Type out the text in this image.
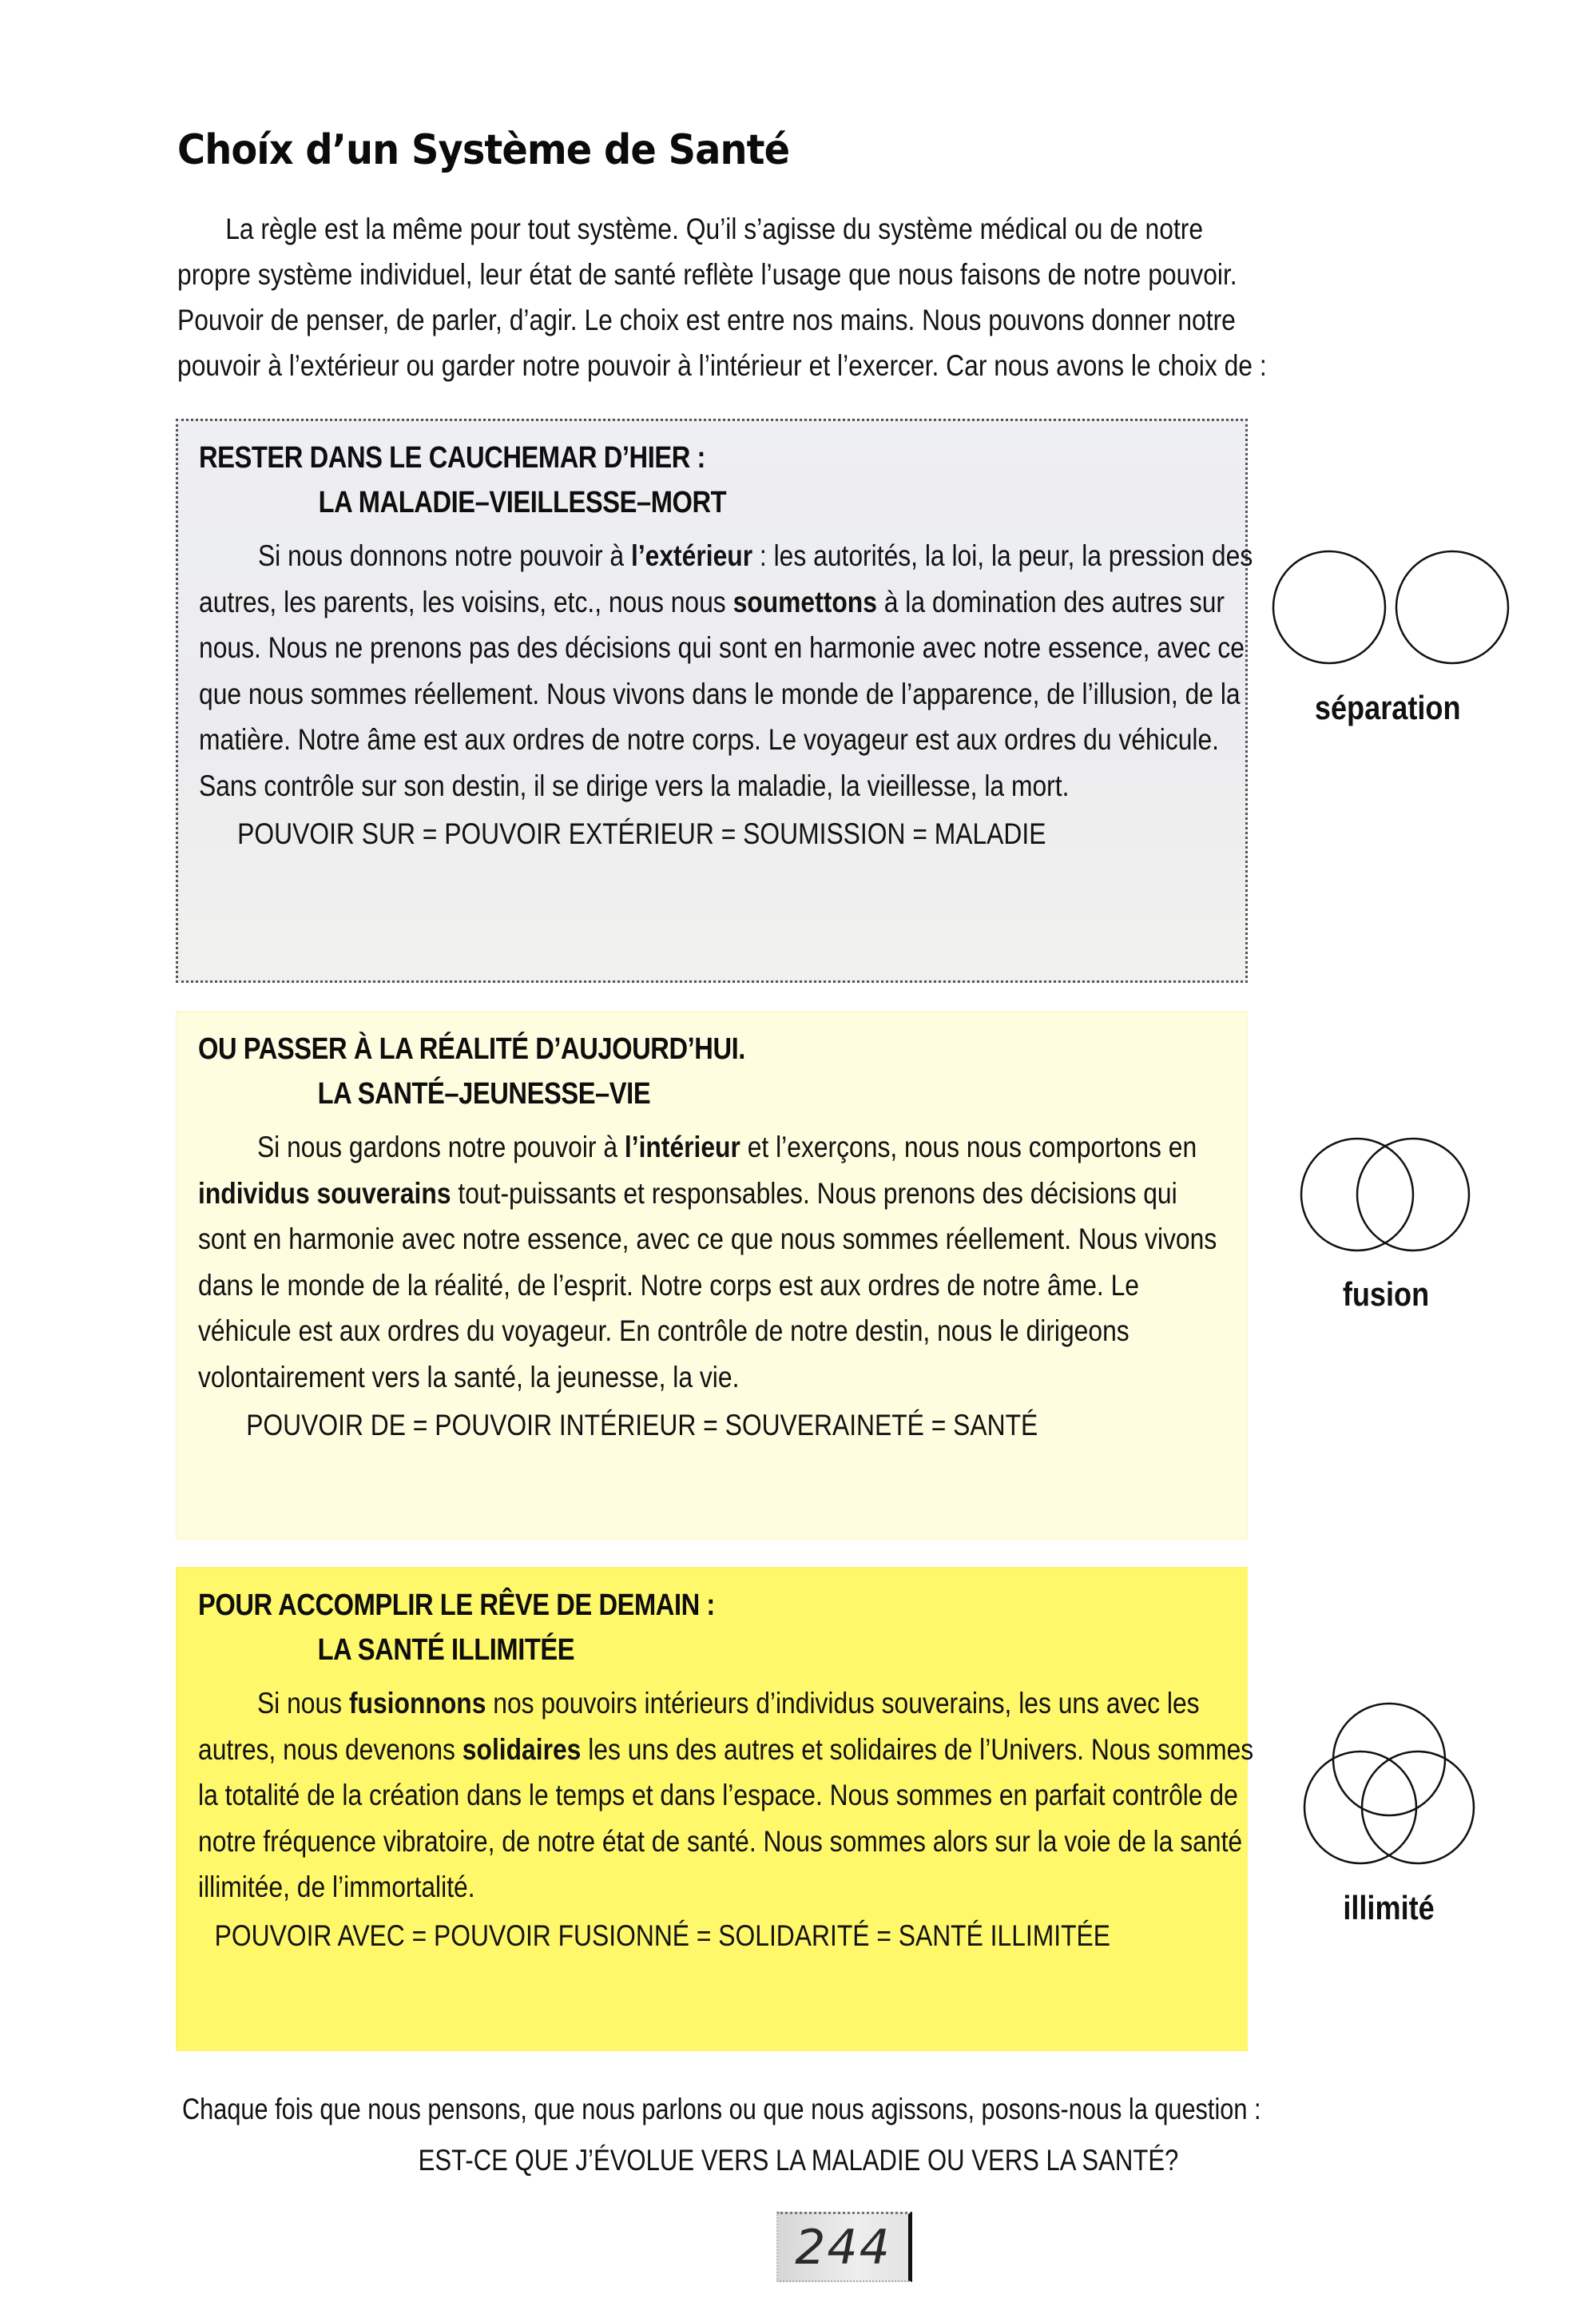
Choíx d’un Système de Santé

La règle est la même pour tout système. Qu’il s’agisse du système médical ou de notre
propre système individuel, leur état de santé reflète l’usage que nous faisons de notre pouvoir.
Pouvoir de penser, de parler, d’agir. Le choix est entre nos mains. Nous pouvons donner notre
pouvoir à l’extérieur ou garder notre pouvoir à l’intérieur et l’exercer. Car nous avons le choix de :

RESTER DANS LE CAUCHEMAR D’HIER :

LA MALADIE–VIEILLESSE–MORT

Si nous donnons notre pouvoir à l’extérieur : les autorités, la loi, la peur, la pression des autres, les parents, les voisins, etc., nous nous soumettons à la domination des autres sur nous. Nous ne prenons pas des décisions qui sont en harmonie avec notre essence, avec ce que nous sommes réellement. Nous vivons dans le monde de l’apparence, de l’illusion, de la matière. Notre âme est aux ordres de notre corps. Le voyageur est aux ordres du véhicule. Sans contrôle sur son destin, il se dirige vers la maladie, la vieillesse, la mort.

POUVOIR SUR = POUVOIR EXTÉRIEUR = SOUMISSION = MALADIE

séparation

OU PASSER À LA RÉALITÉ D’AUJOURD’HUI.

LA SANTÉ–JEUNESSE–VIE

Si nous gardons notre pouvoir à l’intérieur et l’exerçons, nous nous comportons en individus souverains tout-puissants et responsables. Nous prenons des décisions qui sont en harmonie avec notre essence, avec ce que nous sommes réellement. Nous vivons dans le monde de la réalité, de l’esprit. Notre corps est aux ordres de notre âme. Le véhicule est aux ordres du voyageur. En contrôle de notre destin, nous le dirigeons volontairement vers la santé, la jeunesse, la vie.

POUVOIR DE = POUVOIR INTÉRIEUR = SOUVERAINETÉ = SANTÉ

fusion

POUR ACCOMPLIR LE RÊVE DE DEMAIN :

LA SANTÉ ILLIMITÉE

Si nous fusionnons nos pouvoirs intérieurs d’individus souverains, les uns avec les autres, nous devenons solidaires les uns des autres et solidaires de l’Univers. Nous sommes la totalité de la création dans le temps et dans l’espace. Nous sommes en parfait contrôle de notre fréquence vibratoire, de notre état de santé. Nous sommes alors sur la voie de la santé illimitée, de l’immortalité.

POUVOIR AVEC = POUVOIR FUSIONNÉ = SOLIDARITÉ = SANTÉ ILLIMITÉE

illimité

Chaque fois que nous pensons, que nous parlons ou que nous agissons, posons-nous la question :

EST-CE QUE J’ÉVOLUE VERS LA MALADIE OU VERS LA SANTÉ?

244
